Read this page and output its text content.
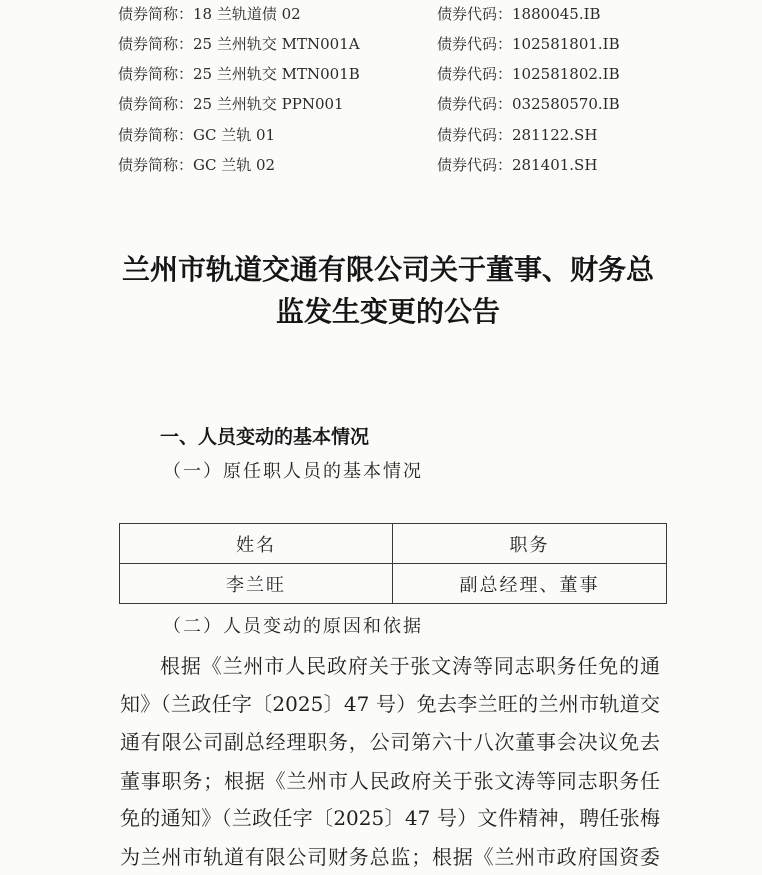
债券简称：18 兰轨道债 02	债券代码：1880045.IB
债券简称：25 兰州轨交 MTN001A	债券代码：102581801.IB
债券简称：25 兰州轨交 MTN001B	债券代码：102581802.IB
债券简称：25 兰州轨交 PPN001	债券代码：032580570.IB
债券简称：GC 兰轨 01	债券代码：281122.SH
债券简称：GC 兰轨 02	债券代码：281401.SH
兰州市轨道交通有限公司关于董事、财务总
监发生变更的公告
一、人员变动的基本情况
（一）原任职人员的基本情况
姓名	职务
李兰旺	副总经理、董事
（二）人员变动的原因和依据
根据《兰州市人民政府关于张文涛等同志职务任免的通
知》（兰政任字〔2025〕47 号）免去李兰旺的兰州市轨道交
通有限公司副总经理职务，公司第六十八次董事会决议免去
董事职务；根据《兰州市人民政府关于张文涛等同志职务任
免的通知》（兰政任字〔2025〕47 号）文件精神，聘任张梅
为兰州市轨道有限公司财务总监；根据《兰州市政府国资委
